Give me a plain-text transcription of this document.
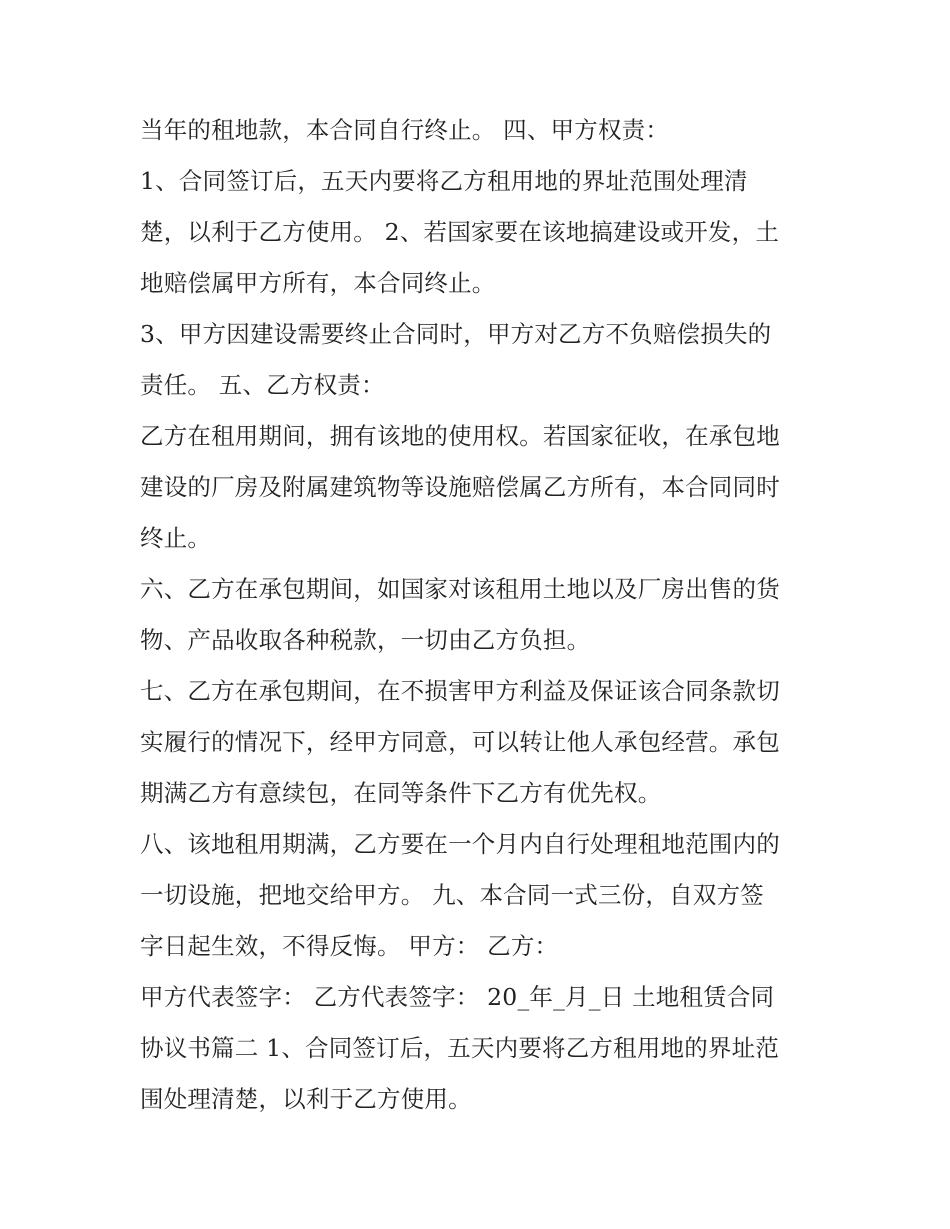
当年的租地款，本合同自行终止。 四、甲方权责：

1、合同签订后，五天内要将乙方租用地的界址范围处理清

楚，以利于乙方使用。 2、若国家要在该地搞建设或开发，土

地赔偿属甲方所有，本合同终止。

3、甲方因建设需要终止合同时，甲方对乙方不负赔偿损失的

责任。 五、乙方权责：

乙方在租用期间，拥有该地的使用权。若国家征收，在承包地

建设的厂房及附属建筑物等设施赔偿属乙方所有，本合同同时

终止。

六、乙方在承包期间，如国家对该租用土地以及厂房出售的货

物、产品收取各种税款，一切由乙方负担。

七、乙方在承包期间，在不损害甲方利益及保证该合同条款切

实履行的情况下，经甲方同意，可以转让他人承包经营。承包

期满乙方有意续包，在同等条件下乙方有优先权。

八、该地租用期满，乙方要在一个月内自行处理租地范围内的

一切设施，把地交给甲方。 九、本合同一式三份，自双方签

字日起生效，不得反悔。 甲方： 乙方：

甲方代表签字： 乙方代表签字： 20_年_月_日 土地租赁合同

协议书篇二 1、合同签订后，五天内要将乙方租用地的界址范

围处理清楚，以利于乙方使用。
